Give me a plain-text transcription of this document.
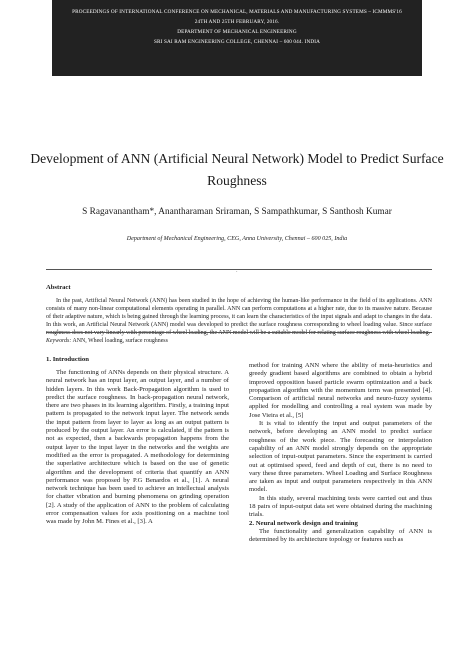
PROCEEDINGS OF INTERNATIONAL CONFERENCE ON MECHANICAL, MATERIALS AND MANUFACTURING SYSTEMS – ICMMMS'16
24TH AND 25TH FEBRUARY, 2016.
DEPARTMENT OF MECHANICAL ENGINEERING
SRI SAI RAM ENGINEERING COLLEGE, CHENNAI – 600 044. INDIA
Development of ANN (Artificial Neural Network) Model to Predict Surface Roughness
S Ragavanantham*, Anantharaman Sriraman, S Sampathkumar, S Santhosh Kumar
Department of Mechanical Engineering, CEG, Anna University, Chennai – 600 025, India
·
Abstract

In the past, Artificial Neural Network (ANN) has been studied in the hope of achieving the human-like performance in the field of its applications. ANN consists of many non-linear computational elements operating in parallel. ANN can perform computations at a higher rate, due to its massive nature. Because of their adaptive nature, which is being gained through the learning process, it can learn the characteristics of the input signals and adapt to changes in the data. In this work, an Artificial Neural Network (ANN) model was developed to predict the surface roughness corresponding to wheel loading value. Since surface roughness does not vary linearly with percentage of wheel loading, the ANN model will be a suitable model for relating surface roughness with wheel loading.

Keywords: ANN, Wheel loading, surface roughness

1. Introduction

The functioning of ANNs depends on their physical structure. A neural network has an input layer, an output layer, and a number of hidden layers. In this work Back-Propagation algorithm is used to predict the surface roughness. In back-propagation neural network, there are two phases in its learning algorithm. Firstly, a training input pattern is propagated to the network input layer. The network sends the input pattern from layer to layer as long as an output pattern is produced by the output layer. An error is calculated, if the pattern is not as expected, then a backwards propagation happens from the output layer to the input layer in the networks and the weights are modified as the error is propagated. A methodology for determining the superlative architecture which is based on the use of genetic algorithm and the development of criteria that quantify an ANN performance was proposed by P.G Benardos et al., [1]. A neural network technique has been used to achieve an intellectual analysis for chatter vibration and burning phenomena on grinding operation [2]. A study of the application of ANN to the problem of calculating error compensation values for axis positioning on a machine tool was made by John M. Fines et al., [3]. A

method for training ANN where the ability of meta-heuristics and greedy gradient based algorithms are combined to obtain a hybrid improved opposition based particle swarm optimization and a back propagation algorithm with the momentum term was presented [4]. Comparison of artificial neural networks and neuro-fuzzy systems applied for modelling and controlling a real system was made by Jose Vieira et al., [5]

It is vital to identify the input and output parameters of the network, before developing an ANN model to predict surface roughness of the work piece. The forecasting or interpolation capability of an ANN model strongly depends on the appropriate selection of input-output parameters. Since the experiment is carried out at optimised speed, feed and depth of cut, there is no need to vary these three parameters. Wheel Loading and Surface Roughness are taken as input and output parameters respectively in this ANN model.

In this study, several machining tests were carried out and thus 18 pairs of input-output data set were obtained during the machining trials.

2. Neural network design and training

The functionality and generalization capability of ANN is determined by its architecture topology or features such as
